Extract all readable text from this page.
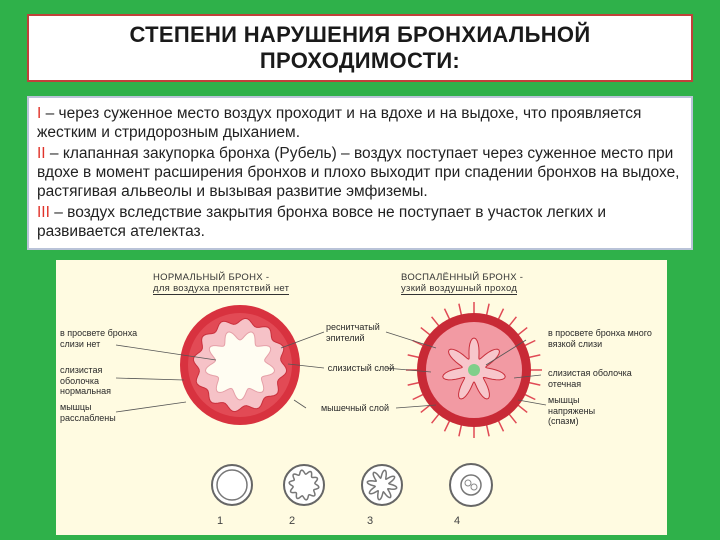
СТЕПЕНИ НАРУШЕНИЯ БРОНХИАЛЬНОЙ
ПРОХОДИМОСТИ:

I – через суженное место воздух проходит и на вдохе и на выдохе, что проявляется жестким и стридорозным дыханием.

II – клапанная закупорка бронха (Рубель) – воздух поступает через суженное место при вдохе в момент расширения бронхов и плохо выходит при спадении бронхов на выдохе, растягивая альвеолы и вызывая развитие эмфиземы.

III – воздух вследствие закрытия бронха вовсе не поступает в участок легких и развивается ателектаз.

НОРМАЛЬНЫЙ БРОНХ -
для воздуха препятствий нет
ВОСПАЛЁННЫЙ БРОНХ -
узкий воздушный проход
в просвете бронха слизи нет
слизистая оболочка нормальная
мышцы расслаблены
реснитчатый эпителий
слизистый слой
мышечный слой
в просвете бронха много вязкой слизи
слизистая оболочка отечная
мышцы напряжены (спазм)
1	2	3	4
